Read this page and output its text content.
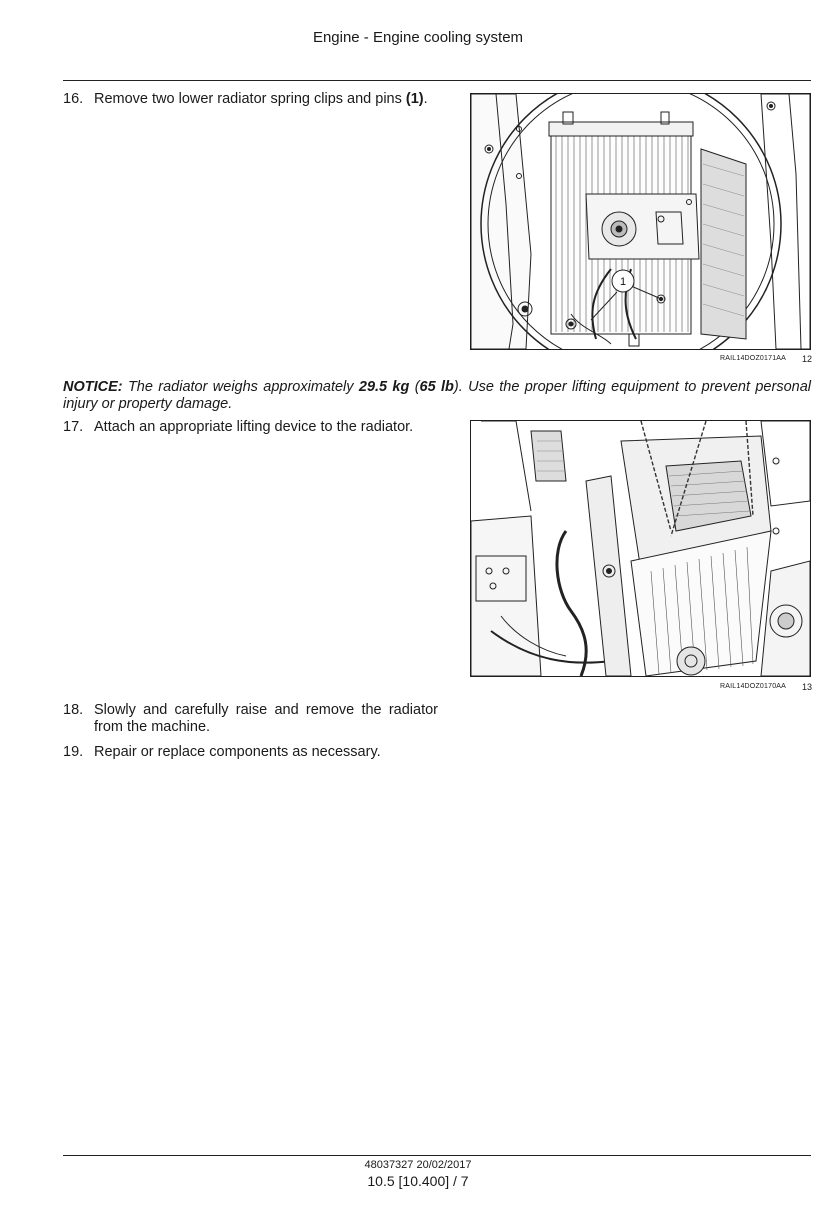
Engine - Engine cooling system
16. Remove two lower radiator spring clips and pins (1).
1
RAIL14DOZ0171AA 12
NOTICE: The radiator weighs approximately 29.5 kg (65 lb). Use the proper lifting equipment to prevent personal injury or property damage.
17. Attach an appropriate lifting device to the radiator.
RAIL14DOZ0170AA 13
18. Slowly and carefully raise and remove the radiator from the machine.
19. Repair or replace components as necessary.
48037327 20/02/2017
10.5 [10.400] / 7
